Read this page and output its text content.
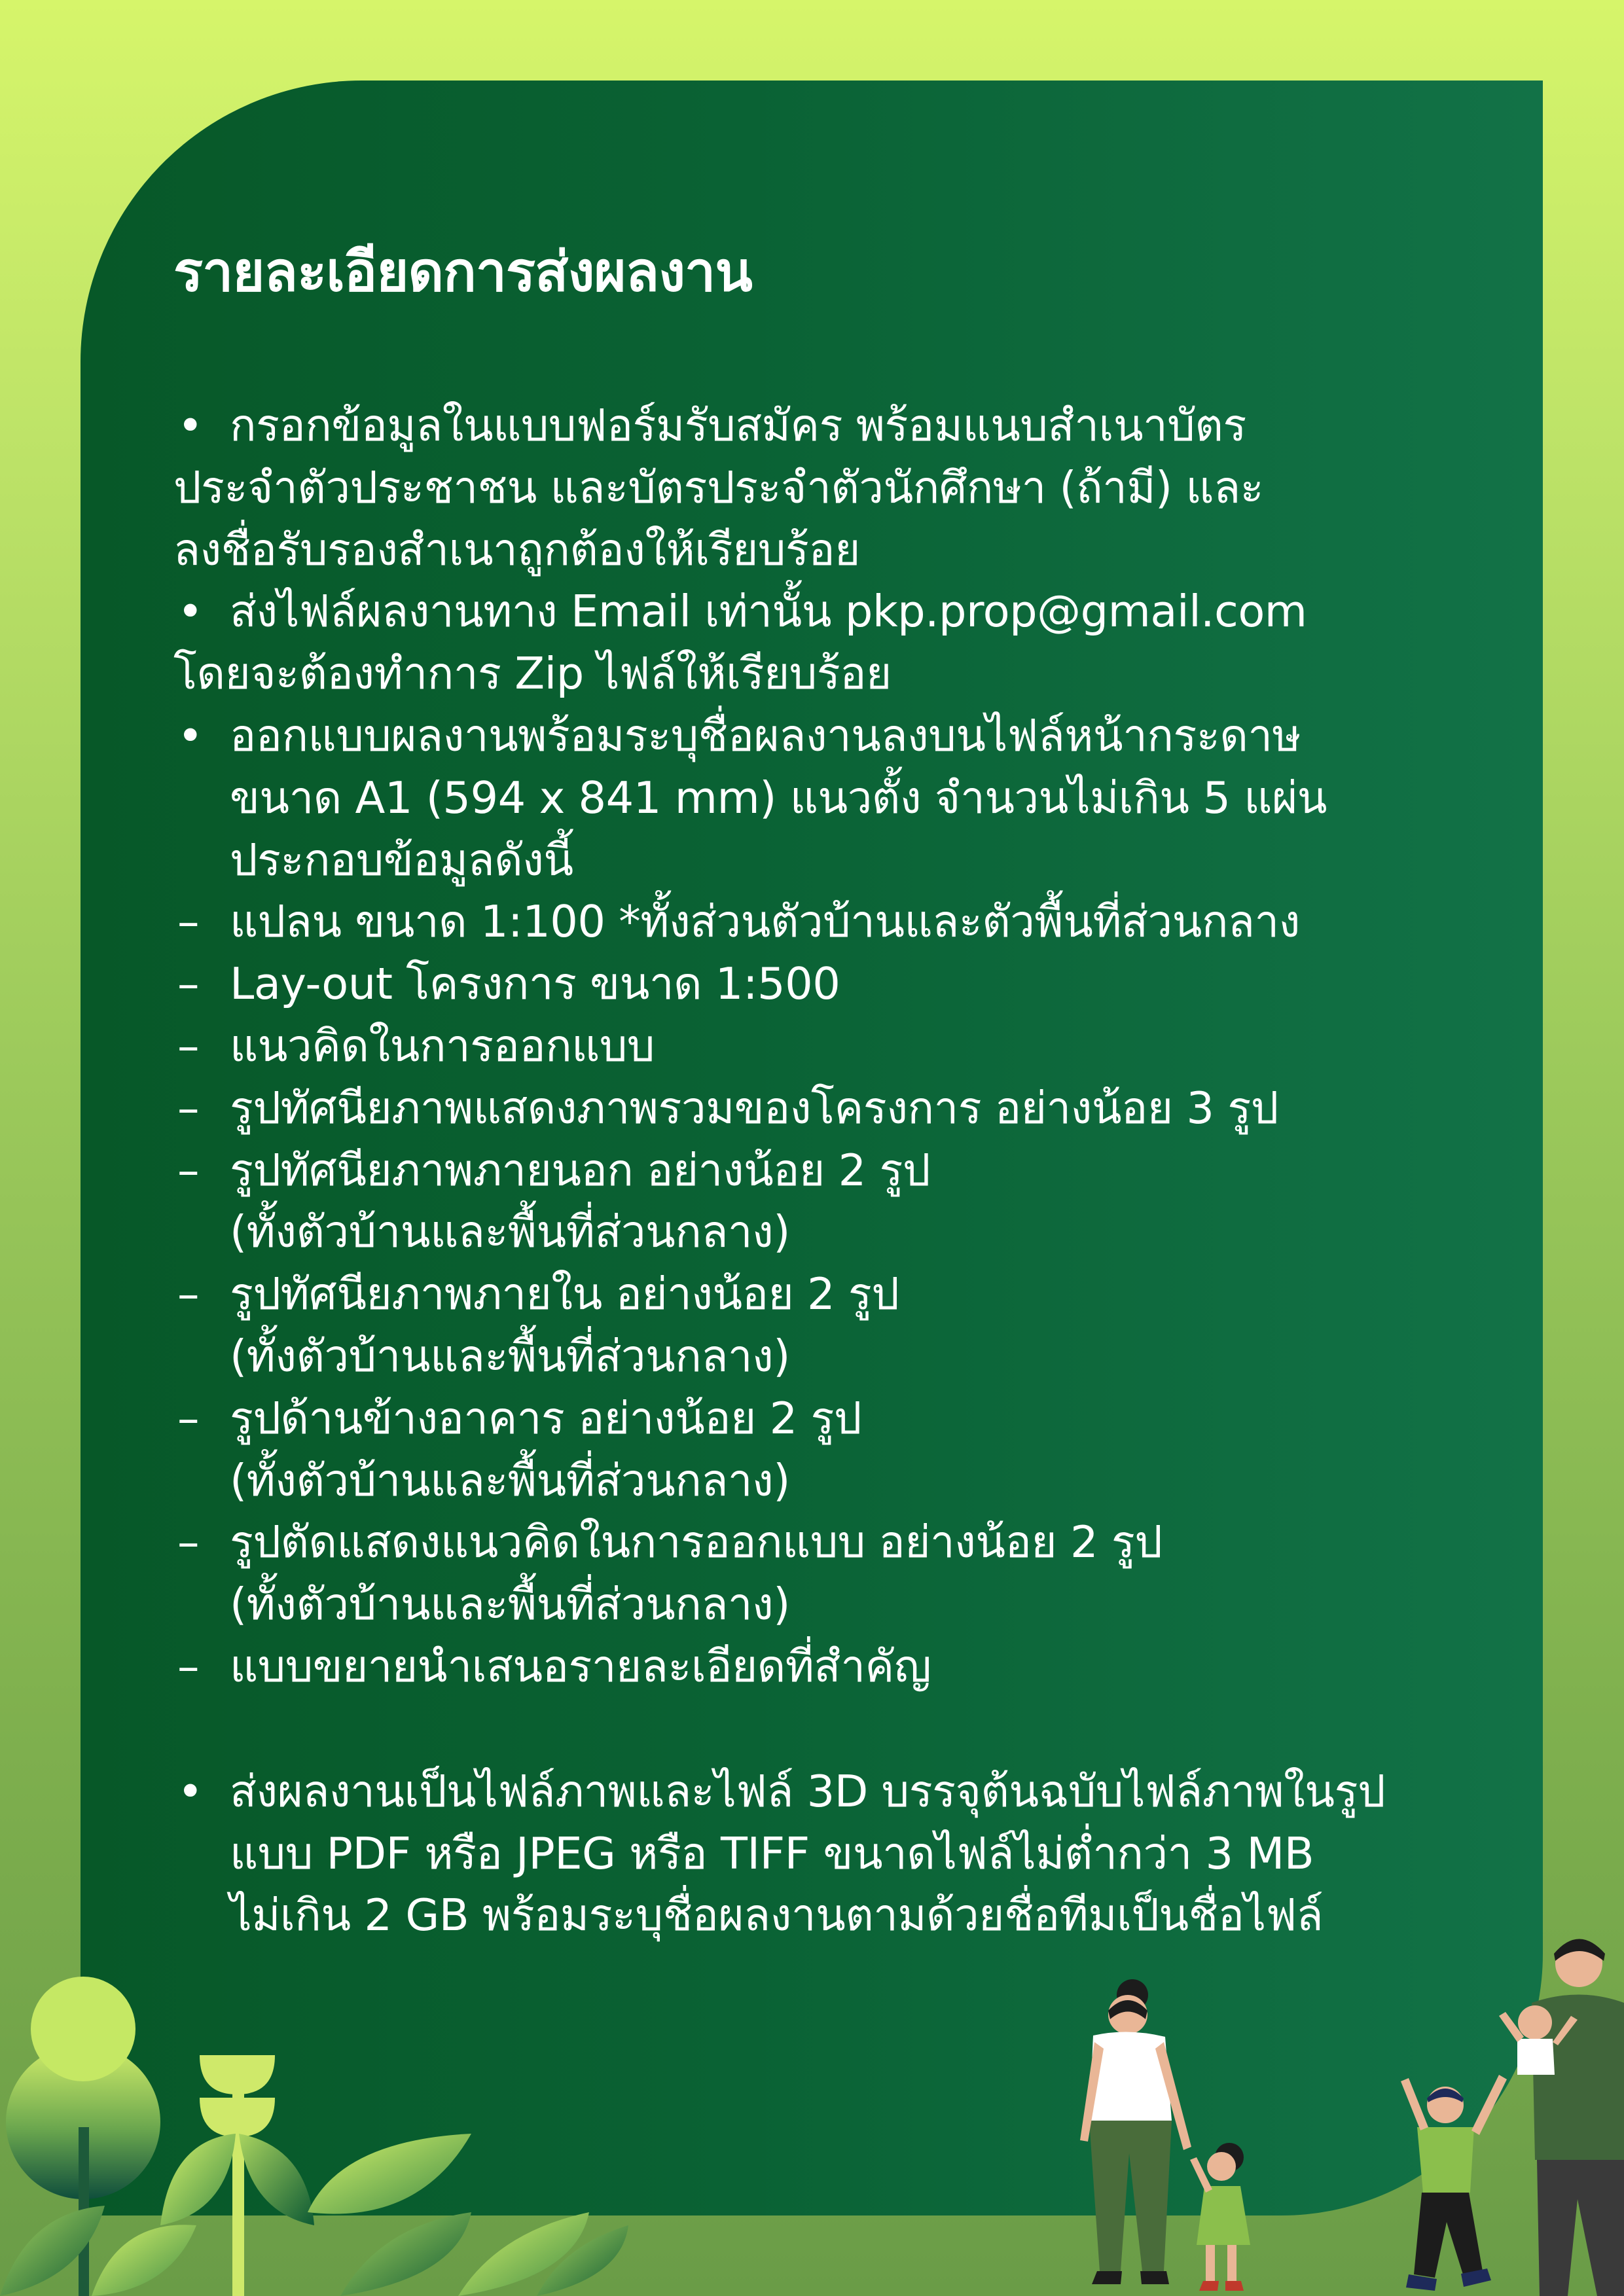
รายละเอียดการส่งผลงาน
• กรอกข้อมูลในแบบฟอร์มรับสมัคร พร้อมแนบสำเนาบัตร
ประจำตัวประชาชน และบัตรประจำตัวนักศึกษา (ถ้ามี) และ
ลงชื่อรับรองสำเนาถูกต้องให้เรียบร้อย
• ส่งไฟล์ผลงานทาง Email เท่านั้น pkp.prop@gmail.com
โดยจะต้องทำการ Zip ไฟล์ให้เรียบร้อย
• ออกแบบผลงานพร้อมระบุชื่อผลงานลงบนไฟล์หน้ากระดาษ
ขนาด A1 (594 x 841 mm) แนวตั้ง จำนวนไม่เกิน 5 แผ่น
ประกอบข้อมูลดังนี้
– แปลน ขนาด 1:100 *ทั้งส่วนตัวบ้านและตัวพื้นที่ส่วนกลาง
– Lay-out โครงการ ขนาด 1:500
– แนวคิดในการออกแบบ
– รูปทัศนียภาพแสดงภาพรวมของโครงการ อย่างน้อย 3 รูป
– รูปทัศนียภาพภายนอก อย่างน้อย 2 รูป
(ทั้งตัวบ้านและพื้นที่ส่วนกลาง)
– รูปทัศนียภาพภายใน อย่างน้อย 2 รูป
(ทั้งตัวบ้านและพื้นที่ส่วนกลาง)
– รูปด้านข้างอาคาร อย่างน้อย 2 รูป
(ทั้งตัวบ้านและพื้นที่ส่วนกลาง)
– รูปตัดแสดงแนวคิดในการออกแบบ อย่างน้อย 2 รูป
(ทั้งตัวบ้านและพื้นที่ส่วนกลาง)
– แบบขยายนำเสนอรายละเอียดที่สำคัญ
• ส่งผลงานเป็นไฟล์ภาพและไฟล์ 3D บรรจุต้นฉบับไฟล์ภาพในรูป
แบบ PDF หรือ JPEG หรือ TIFF ขนาดไฟล์ไม่ต่ำกว่า 3 MB
ไม่เกิน 2 GB พร้อมระบุชื่อผลงานตามด้วยชื่อทีมเป็นชื่อไฟล์
